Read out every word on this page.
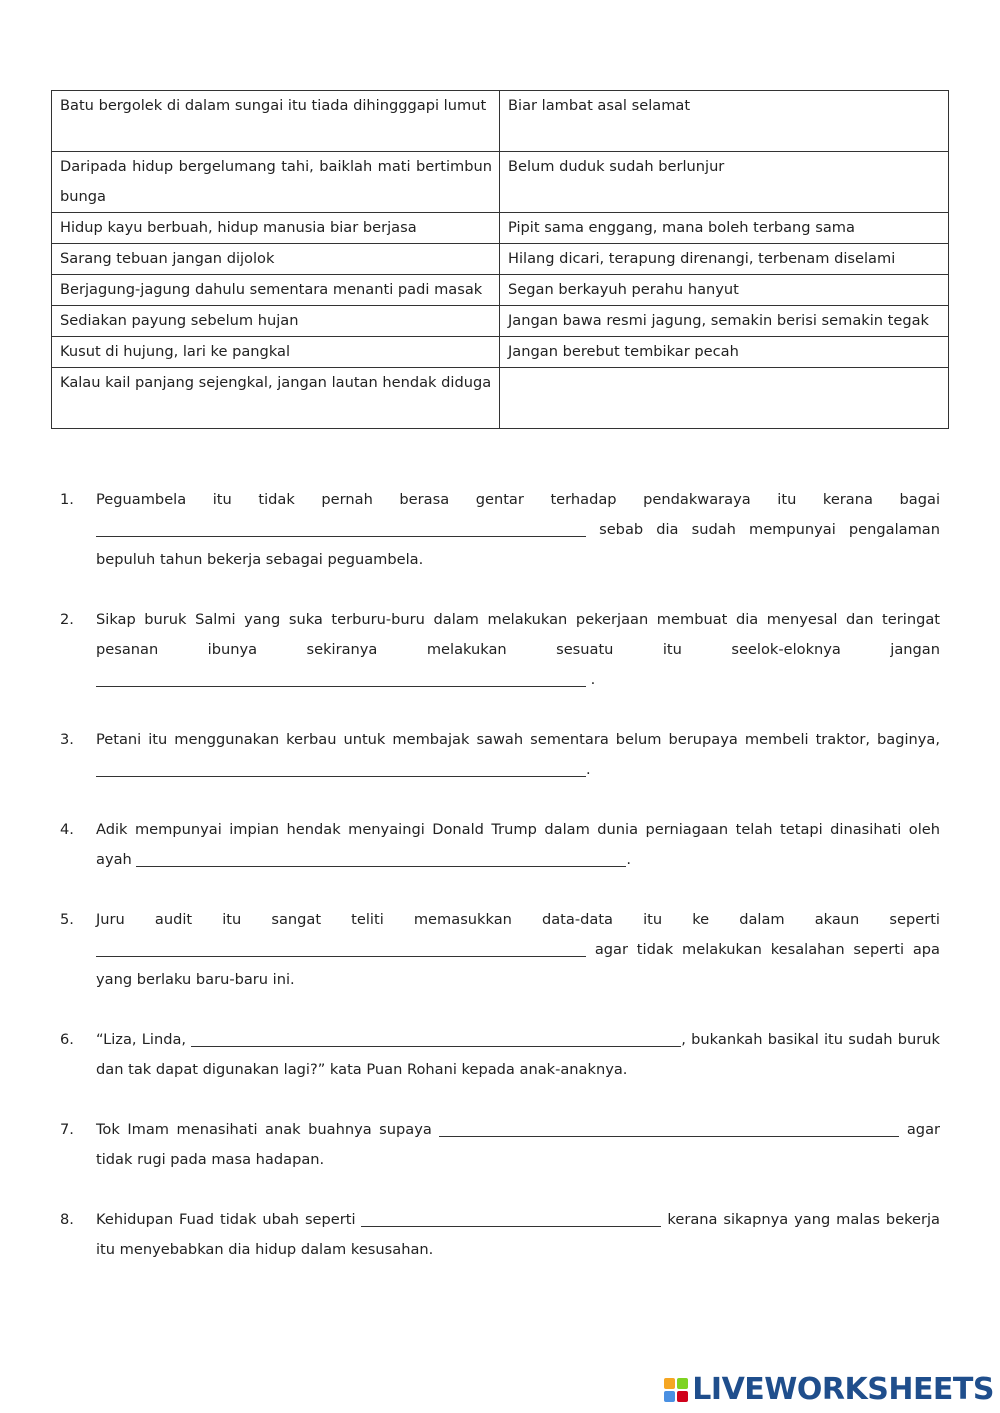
Batu bergolek di dalam sungai itu tiada dihingggapi lumut	Biar lambat asal selamat
Daripada hidup bergelumang tahi, baiklah mati bertimbun bunga	Belum duduk sudah berlunjur
Hidup kayu berbuah, hidup manusia biar berjasa	Pipit sama enggang, mana boleh terbang sama
Sarang tebuan jangan dijolok	Hilang dicari, terapung direnangi, terbenam diselami
Berjagung-jagung dahulu sementara menanti padi masak	Segan berkayuh perahu hanyut
Sediakan payung sebelum hujan	Jangan bawa resmi jagung, semakin berisi semakin tegak
Kusut di hujung, lari ke pangkal	Jangan berebut tembikar pecah
Kalau kail panjang sejengkal, jangan lautan hendak diduga	
1.	Peguambela itu tidak pernah berasa gentar terhadap pendakwaraya itu kerana bagai  sebab dia sudah mempunyai pengalaman bepuluh tahun bekerja sebagai peguambela.
2.	Sikap buruk Salmi yang suka terburu-buru dalam melakukan pekerjaan membuat dia menyesal dan teringat pesanan ibunya sekiranya melakukan sesuatu itu seelok-eloknya jangan  .
3.	Petani itu menggunakan kerbau untuk membajak sawah sementara belum berupaya membeli traktor, baginya, .
4.	Adik mempunyai impian hendak menyaingi Donald Trump dalam dunia perniagaan telah tetapi dinasihati oleh ayah	.
5.	Juru audit itu sangat teliti memasukkan data-data itu ke dalam akaun seperti  agar tidak melakukan kesalahan seperti apa yang berlaku baru-baru ini.
6.	“Liza, Linda,	, bukankah basikal itu sudah buruk dan tak dapat digunakan lagi?” kata Puan Rohani kepada anak-anaknya.
7.	Tok Imam menasihati anak buahnya supaya	agar tidak rugi pada masa hadapan.
8.	Kehidupan Fuad tidak ubah seperti	kerana sikapnya yang malas bekerja itu menyebabkan dia hidup dalam kesusahan.
LIVEWORKSHEETS
